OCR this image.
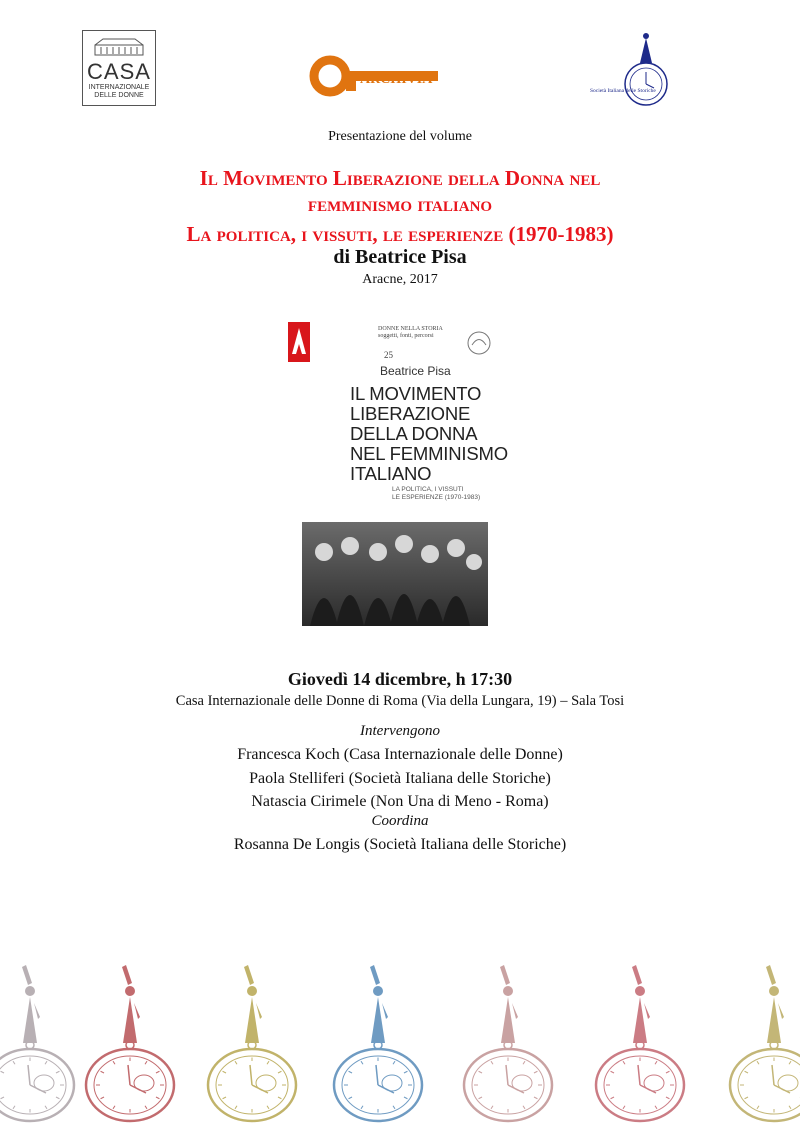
CASA
INTERNAZIONALE
DELLE DONNE
ARCHIVIA
Società Italiana delle Storiche
Presentazione del volume
Il Movimento Liberazione della Donna nel
femminismo italiano
La politica, i vissuti, le esperienze (1970-1983)
di Beatrice Pisa
Aracne, 2017
DONNE NELLA STORIA
soggetti, fonti, percorsi
25
Beatrice Pisa
IL MOVIMENTO
LIBERAZIONE
DELLA DONNA
NEL FEMMINISMO
ITALIANO
LA POLITICA, I VISSUTI
LE ESPERIENZE (1970-1983)
Giovedì 14 dicembre, h 17:30
Casa Internazionale delle Donne di Roma (Via della Lungara, 19) – Sala Tosi
Intervengono
Francesca Koch (Casa Internazionale delle Donne)
Paola Stelliferi (Società Italiana delle Storiche)
Natascia Cirimele (Non Una di Meno - Roma)
Coordina
Rosanna De Longis (Società Italiana delle Storiche)
